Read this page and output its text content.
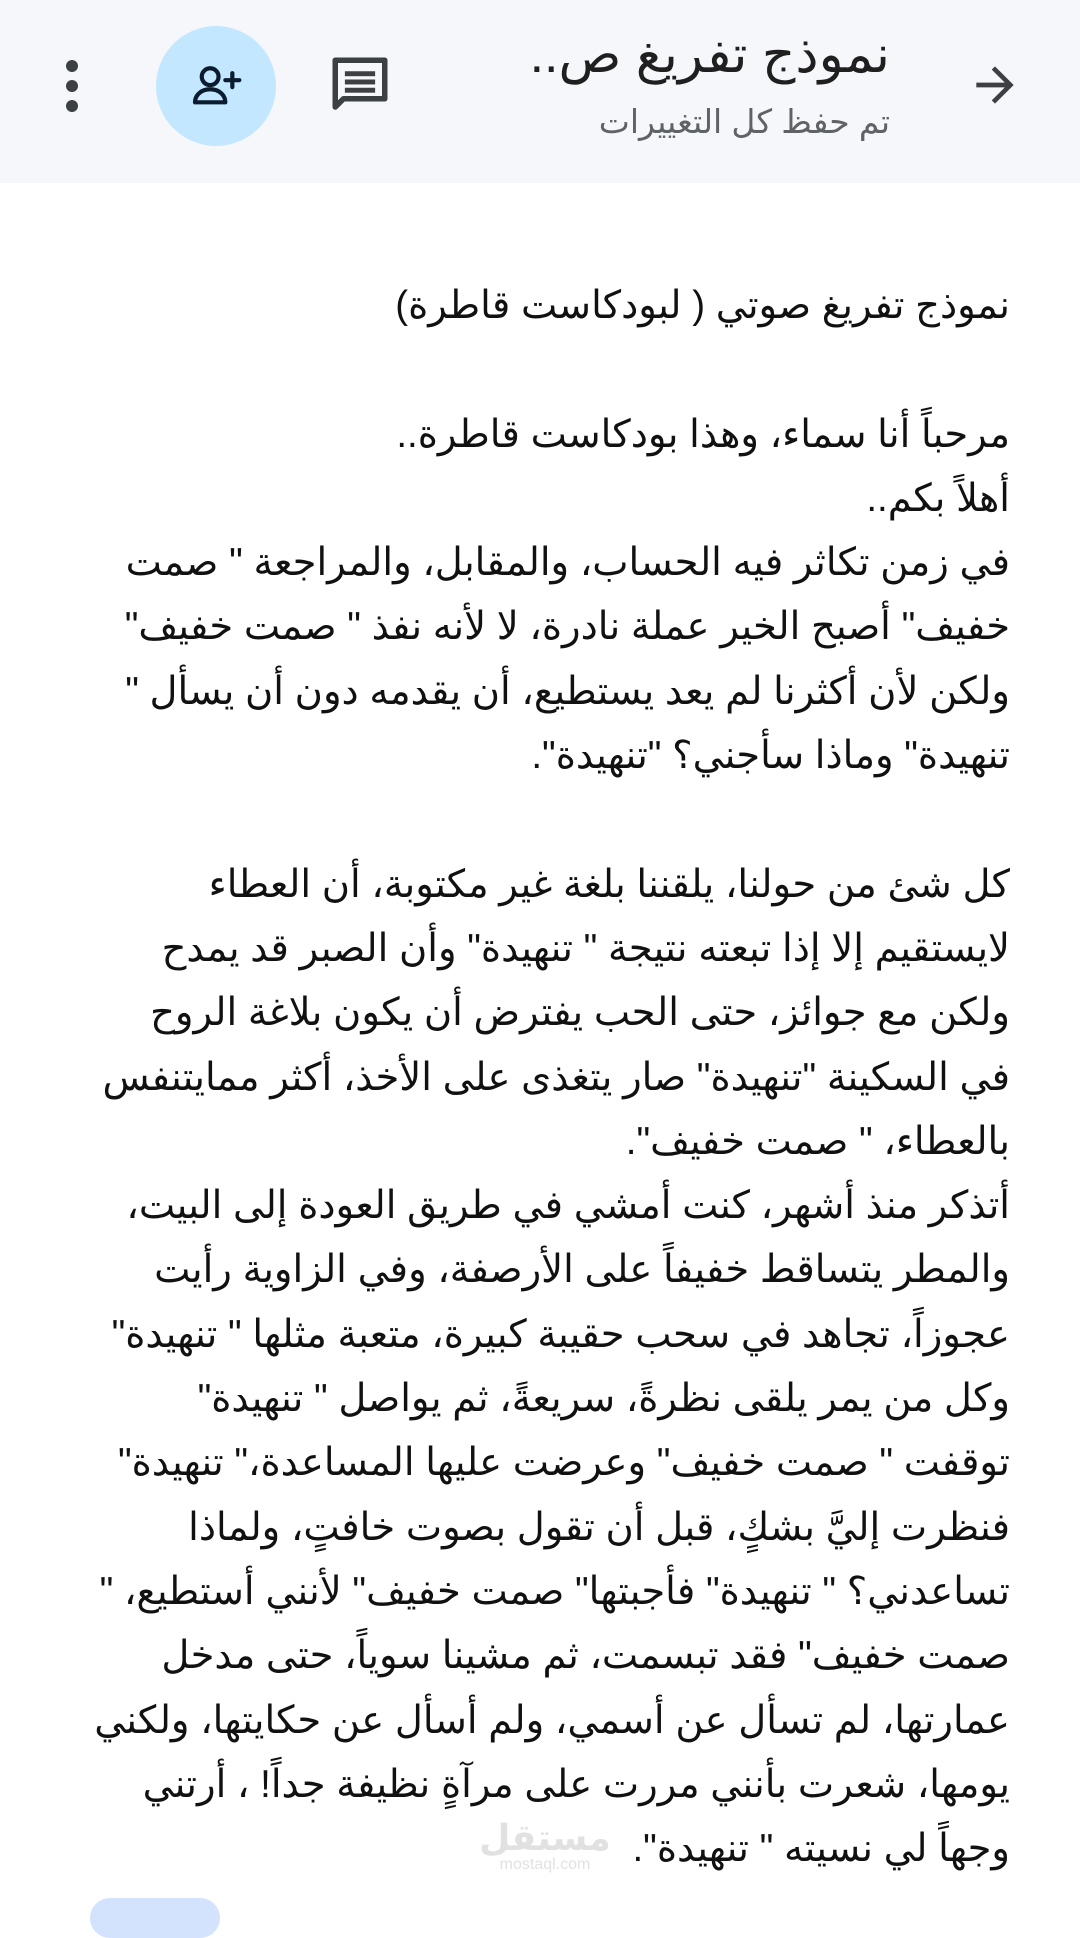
نموذج تفريغ ص..
تم حفظ كل التغييرات
نموذج تفريغ صوتي ( لبودكاست قاطرة)
مرحباً أنا سماء، وهذا بودكاست قاطرة..
أهلاً بكم..
في زمن تكاثر فيه الحساب، والمقابل، والمراجعة " صمت
خفيف" أصبح الخير عملة نادرة، لا لأنه نفذ " صمت خفيف"
ولكن لأن أكثرنا لم يعد يستطيع، أن يقدمه دون أن يسأل "
تنهيدة" وماذا سأجني؟ "تنهيدة".
كل شئ من حولنا، يلقننا بلغة غير مكتوبة، أن العطاء
لايستقيم إلا إذا تبعته نتيجة " تنهيدة" وأن الصبر قد يمدح
ولكن مع جوائز، حتى الحب يفترض أن يكون بلاغة الروح
في السكينة "تنهيدة" صار يتغذى على الأخذ، أكثر ممايتنفس
بالعطاء، " صمت خفيف".
أتذكر منذ أشهر، كنت أمشي في طريق العودة إلى البيت،
والمطر يتساقط خفيفاً على الأرصفة، وفي الزاوية رأيت
عجوزاً، تجاهد في سحب حقيبة كبيرة، متعبة مثلها " تنهيدة"
وكل من يمر يلقى نظرةً، سريعةً، ثم يواصل " تنهيدة"
توقفت " صمت خفيف" وعرضت عليها المساعدة،" تنهيدة"
فنظرت إليَّ بشكٍ، قبل أن تقول بصوت خافتٍ، ولماذا
تساعدني؟ " تنهيدة" فأجبتها" صمت خفيف" لأنني أستطيع، "
صمت خفيف" فقد تبسمت، ثم مشينا سوياً، حتى مدخل
عمارتها، لم تسأل عن أسمي، ولم أسأل عن حكايتها، ولكني
يومها، شعرت بأنني مررت على مرآةٍ نظيفة جداً! ، أرتني
وجهاً لي نسيته " تنهيدة".
مستقل
mostaql.com
